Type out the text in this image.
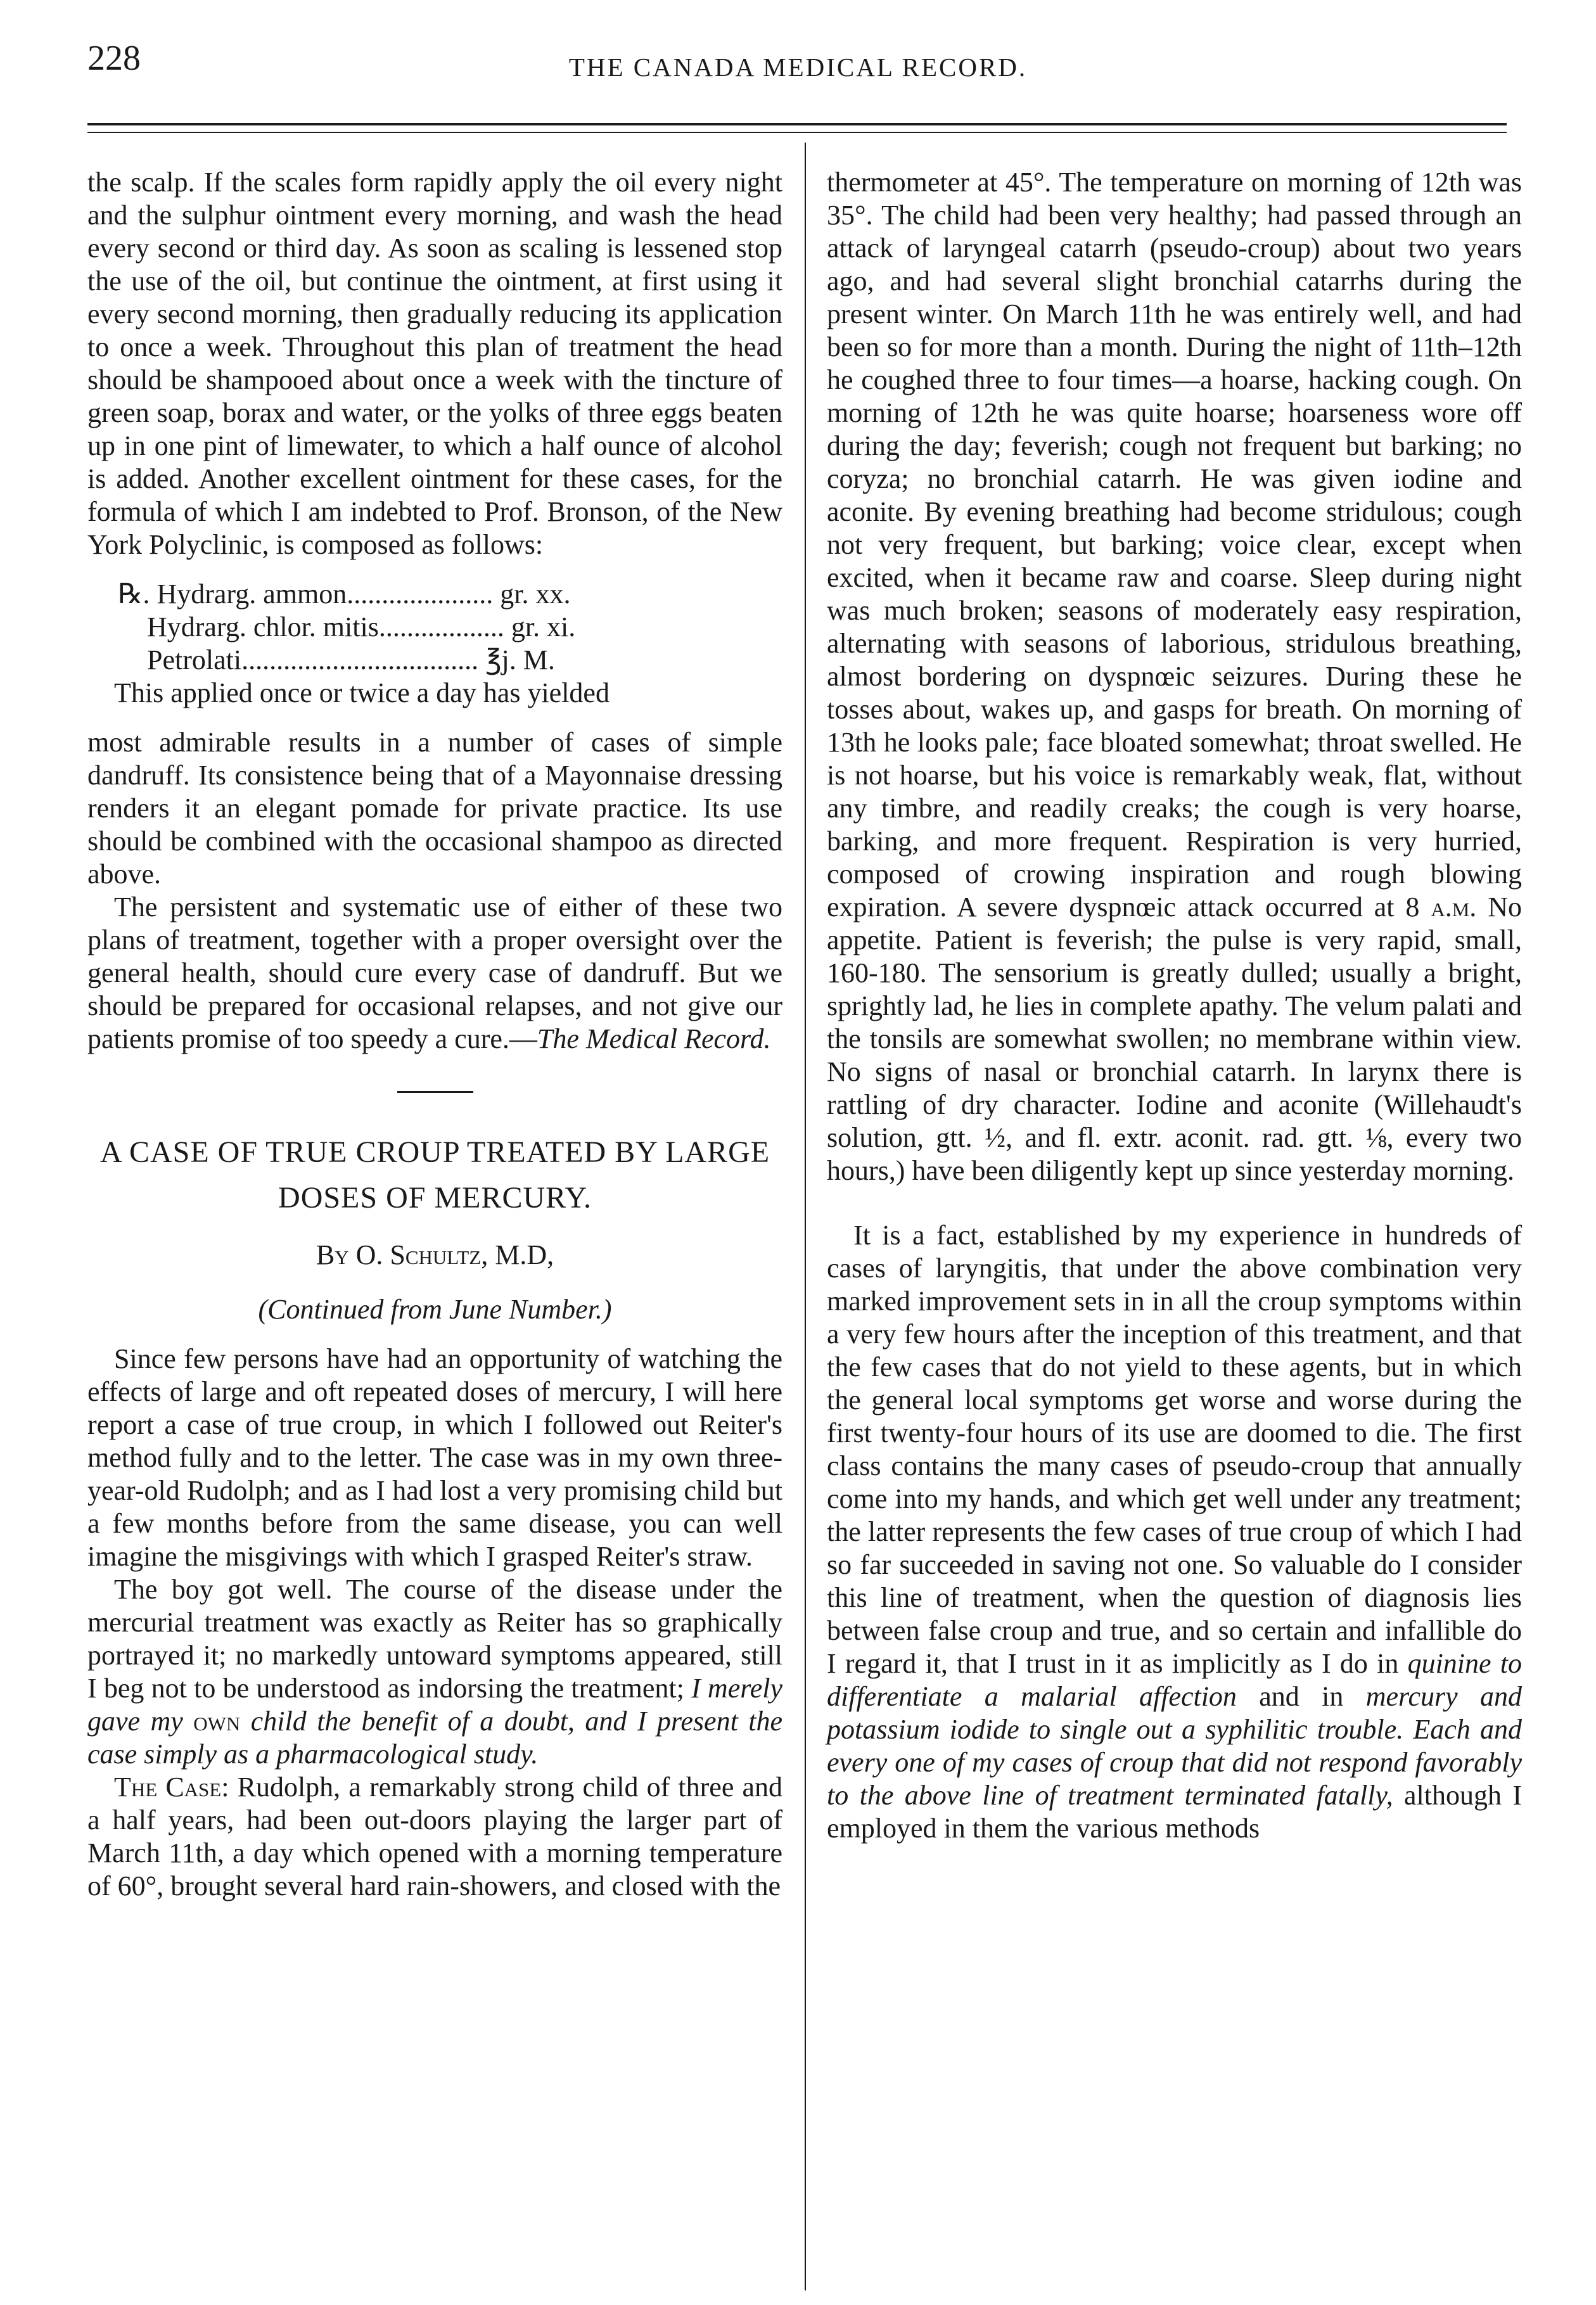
228	THE CANADA MEDICAL RECORD.

the scalp. If the scales form rapidly apply the oil every night and the sulphur ointment every morning, and wash the head every second or third day. As soon as scaling is lessened stop the use of the oil, but continue the ointment, at first using it every second morning, then gradually reducing its application to once a week. Throughout this plan of treatment the head should be shampooed about once a week with the tincture of green soap, borax and water, or the yolks of three eggs beaten up in one pint of limewater, to which a half ounce of alcohol is added. Another excellent ointment for these cases, for the formula of which I am indebted to Prof. Bronson, of the New York Polyclinic, is composed as follows:

℞. Hydrarg. ammon..................... gr. xx.

Hydrarg. chlor. mitis.................. gr. xi.

Petrolati.................................. ℥j. M.

This applied once or twice a day has yielded

most admirable results in a number of cases of simple dandruff. Its consistence being that of a Mayonnaise dressing renders it an elegant pomade for private practice. Its use should be combined with the occasional shampoo as directed above.

The persistent and systematic use of either of these two plans of treatment, together with a proper oversight over the general health, should cure every case of dandruff. But we should be prepared for occasional relapses, and not give our patients promise of too speedy a cure.—The Medical Record.

A CASE OF TRUE CROUP TREATED BY LARGE DOSES OF MERCURY.

By O. Schultz, M.D,

(Continued from June Number.)

Since few persons have had an opportunity of watching the effects of large and oft repeated doses of mercury, I will here report a case of true croup, in which I followed out Reiter's method fully and to the letter. The case was in my own three-year-old Rudolph; and as I had lost a very promising child but a few months before from the same disease, you can well imagine the misgivings with which I grasped Reiter's straw.

The boy got well. The course of the disease under the mercurial treatment was exactly as Reiter has so graphically portrayed it; no markedly untoward symptoms appeared, still I beg not to be understood as indorsing the treatment; I merely gave my own child the benefit of a doubt, and I present the case simply as a pharmacological study.

The Case: Rudolph, a remarkably strong child of three and a half years, had been out-doors playing the larger part of March 11th, a day which opened with a morning temperature of 60°, brought several hard rain-showers, and closed with the

thermometer at 45°. The temperature on morning of 12th was 35°. The child had been very healthy; had passed through an attack of laryngeal catarrh (pseudo-croup) about two years ago, and had several slight bronchial catarrhs during the present winter. On March 11th he was entirely well, and had been so for more than a month. During the night of 11th–12th he coughed three to four times—a hoarse, hacking cough. On morning of 12th he was quite hoarse; hoarseness wore off during the day; feverish; cough not frequent but barking; no coryza; no bronchial catarrh. He was given iodine and aconite. By evening breathing had become stridulous; cough not very frequent, but barking; voice clear, except when excited, when it became raw and coarse. Sleep during night was much broken; seasons of moderately easy respiration, alternating with seasons of laborious, stridulous breathing, almost bordering on dyspnœic seizures. During these he tosses about, wakes up, and gasps for breath. On morning of 13th he looks pale; face bloated somewhat; throat swelled. He is not hoarse, but his voice is remarkably weak, flat, without any timbre, and readily creaks; the cough is very hoarse, barking, and more frequent. Respiration is very hurried, composed of crowing inspiration and rough blowing expiration. A severe dyspnœic attack occurred at 8 a.m. No appetite. Patient is feverish; the pulse is very rapid, small, 160-180. The sensorium is greatly dulled; usually a bright, sprightly lad, he lies in complete apathy. The velum palati and the tonsils are somewhat swollen; no membrane within view. No signs of nasal or bronchial catarrh. In larynx there is rattling of dry character. Iodine and aconite (Willehaudt's solution, gtt. ½, and fl. extr. aconit. rad. gtt. ⅛, every two hours,) have been diligently kept up since yesterday morning.

It is a fact, established by my experience in hundreds of cases of laryngitis, that under the above combination very marked improvement sets in in all the croup symptoms within a very few hours after the inception of this treatment, and that the few cases that do not yield to these agents, but in which the general local symptoms get worse and worse during the first twenty-four hours of its use are doomed to die. The first class contains the many cases of pseudo-croup that annually come into my hands, and which get well under any treatment; the latter represents the few cases of true croup of which I had so far succeeded in saving not one. So valuable do I consider this line of treatment, when the question of diagnosis lies between false croup and true, and so certain and infallible do I regard it, that I trust in it as implicitly as I do in quinine to differentiate a malarial affection and in mercury and potassium iodide to single out a syphilitic trouble. Each and every one of my cases of croup that did not respond favorably to the above line of treatment terminated fatally, although I employed in them the various methods
